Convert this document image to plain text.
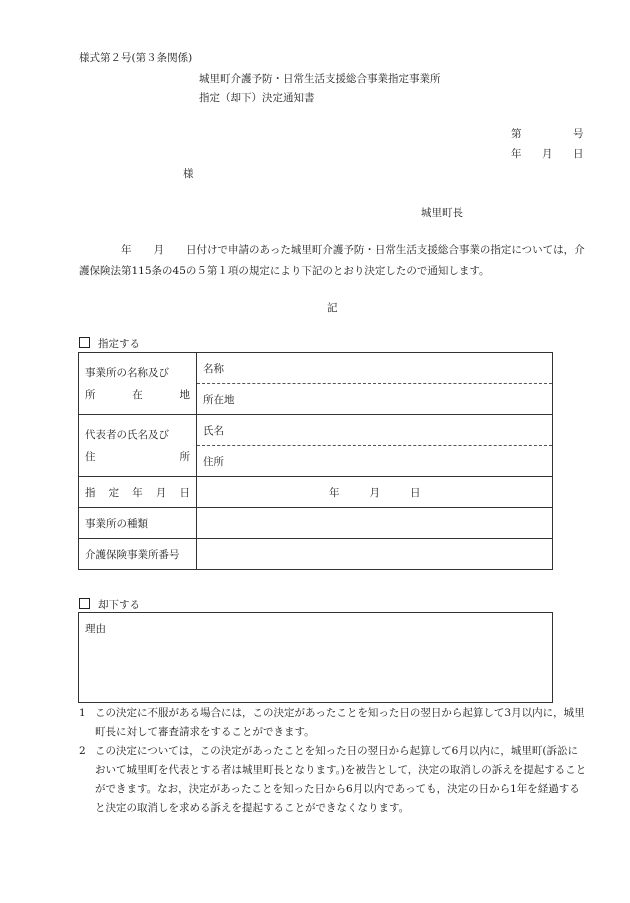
様式第２号(第３条関係)
城里町介護予防・日常生活支援総合事業指定事業所
指定（却下）決定通知書
第	号
年 月 日
様
城里町長
年 月 日付けで申請のあった城里町介護予防・日常生活支援総合事業の指定については，介護保険法第115条の45の５第１項の規定により下記のとおり決定したので通知します。
記
指定する
事業所の名称及び
所 在 地	名称
	所在地

代表者の氏名及び
住 所	氏名
	住所

指 定 年 月 日	年 月 日
事業所の種類	
介護保険事業所番号	
却下する
理由

1 この決定に不服がある場合には，この決定があったことを知った日の翌日から起算して3月以内に，城里町長に対して審査請求をすることができます。

2 この決定については，この決定があったことを知った日の翌日から起算して6月以内に，城里町(訴訟において城里町を代表とする者は城里町長となります。)を被告として，決定の取消しの訴えを提起することができます。なお，決定があったことを知った日から6月以内であっても，決定の日から1年を経過すると決定の取消しを求める訴えを提起することができなくなります。
